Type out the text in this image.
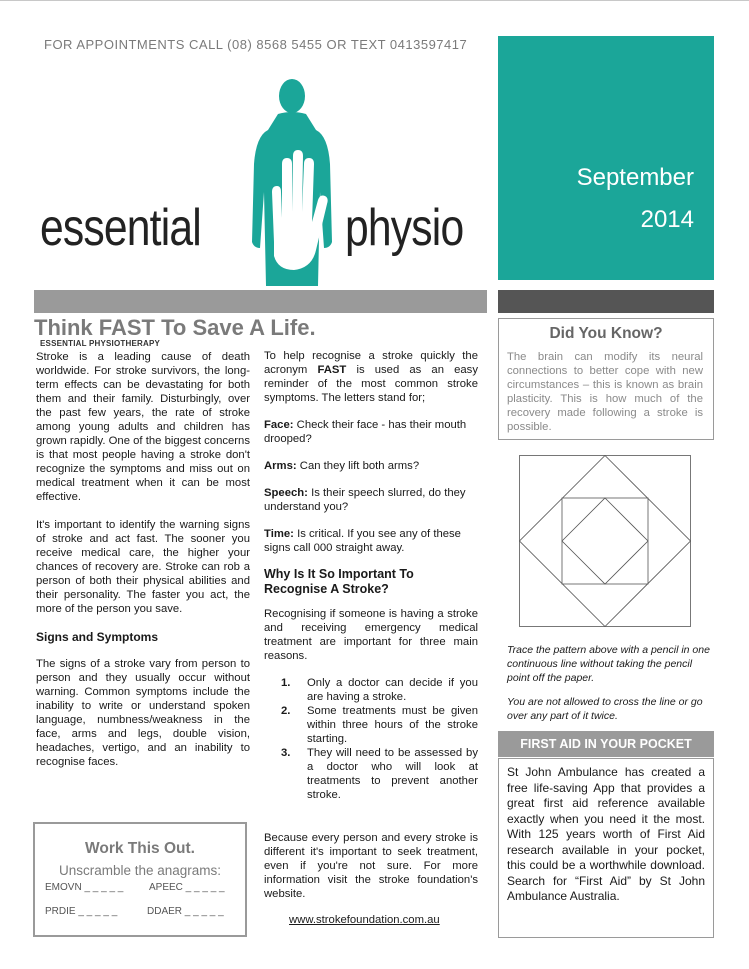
FOR APPOINTMENTS CALL (08) 8568 5455 OR TEXT 0413597417
essential	physio
September
2014
Think FAST To Save A Life.
ESSENTIAL PHYSIOTHERAPY

Stroke is a leading cause of death worldwide. For stroke survivors, the long-term effects can be devastating for both them and their family. Disturbingly, over the past few years, the rate of stroke among young adults and children has grown rapidly. One of the biggest concerns is that most people having a stroke don't recognize the symptoms and miss out on medical treatment when it can be most effective.

It's important to identify the warning signs of stroke and act fast. The sooner you receive medical care, the higher your chances of recovery are. Stroke can rob a person of both their physical abilities and their personality. The faster you act, the more of the person you save.

Signs and Symptoms

The signs of a stroke vary from person to person and they usually occur without warning. Common symptoms include the inability to write or understand spoken language, numbness/weakness in the face, arms and legs, double vision, headaches, vertigo, and an inability to recognise faces.

To help recognise a stroke quickly the acronym FAST is used as an easy reminder of the most common stroke symptoms. The letters stand for;

Face: Check their face - has their mouth drooped?

Arms: Can they lift both arms?

Speech: Is their speech slurred, do they understand you?

Time: Is critical. If you see any of these signs call 000 straight away.

Why Is It So Important To Recognise A Stroke?

Recognising if someone is having a stroke and receiving emergency medical treatment are important for three main reasons.

1. Only a doctor can decide if you are having a stroke.
2. Some treatments must be given within three hours of the stroke starting.
3. They will need to be assessed by a doctor who will look at treatments to prevent another stroke.

Because every person and every stroke is different it's important to seek treatment, even if you're not sure. For more information visit the stroke foundation's website.

www.strokefoundation.com.au

Work This Out.
Unscramble the anagrams:
EMOVN _ _ _ _ _	APEEC _ _ _ _ _
PRDIE _ _ _ _ _	DDAER _ _ _ _ _
Did You Know?
The brain can modify its neural connections to better cope with new circumstances – this is known as brain plasticity. This is how much of the recovery made following a stroke is possible.
Trace the pattern above with a pencil in one continuous line without taking the pencil point off the paper.
You are not allowed to cross the line or go over any part of it twice.
FIRST AID IN YOUR POCKET
St John Ambulance has created a free life-saving App that provides a great first aid reference available exactly when you need it the most. With 125 years worth of First Aid research available in your pocket, this could be a worthwhile download. Search for “First Aid” by St John Ambulance Australia.
